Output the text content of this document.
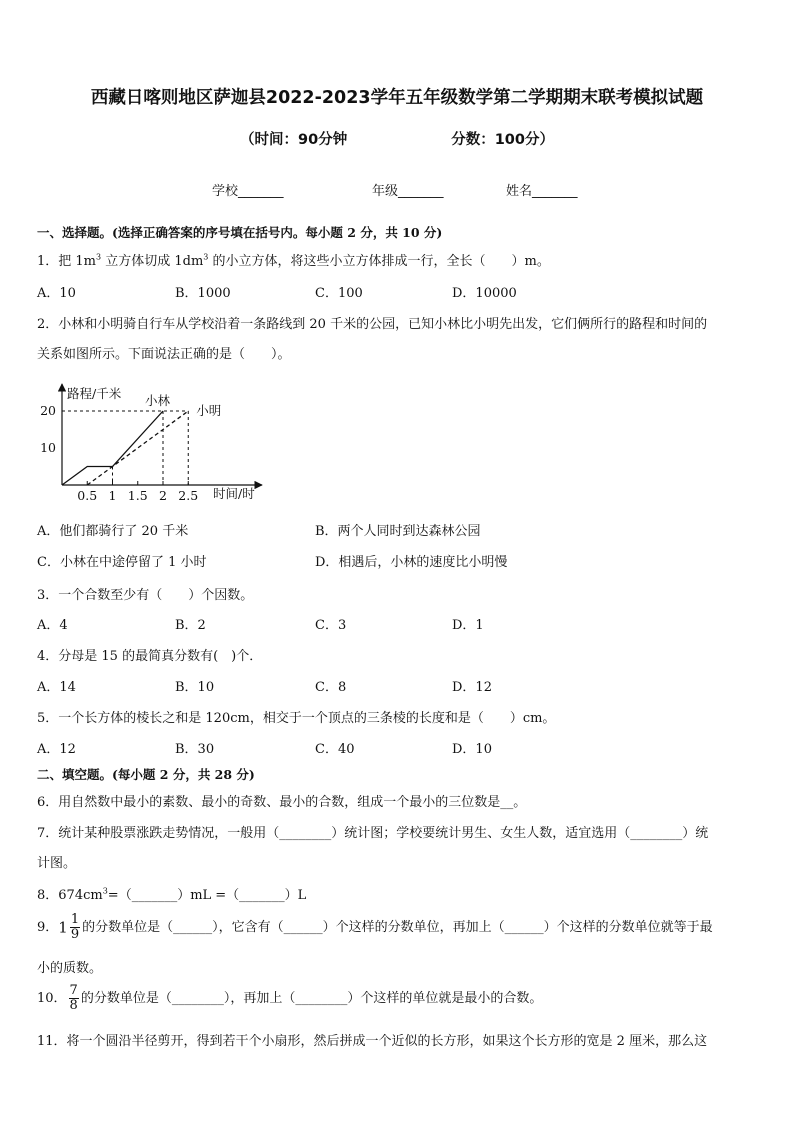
西藏日喀则地区萨迦县2022-2023学年五年级数学第二学期期末联考模拟试题
（时间：90分钟	分数：100分）
学校_______	年级_______	姓名_______
一、选择题。(选择正确答案的序号填在括号内。每小题 2 分，共 10 分)
1．把 $1m^3$ 立方体切成 $1dm^3$ 的小立方体，将这些小立方体排成一行，全长（　　）m。
A．10	B．1000	C．100	D．10000
2．小林和小明骑自行车从学校沿着一条路线到 20 千米的公园，已知小林比小明先出发，它们俩所行的路程和时间的
关系如图所示。下面说法正确的是（　　）。
路程/千米
时间/时
0.5 1 1.5 2 2.5
10
20
小林
小明
A．他们都骑行了 20 千米	B．两个人同时到达森林公园
C．小林在中途停留了 1 小时	D．相遇后，小林的速度比小明慢
3．一个合数至少有（　　）个因数。
A．4	B．2	C．3	D．1
4．分母是 15 的最简真分数有(　)个．
A．14	B．10	C．8	D．12
5．一个长方体的棱长之和是 120cm，相交于一个顶点的三条棱的长度和是（　　）cm。
A．12	B．30	C．40	D．10
二、填空题。(每小题 2 分，共 28 分)
6．用自然数中最小的素数、最小的奇数、最小的合数，组成一个最小的三位数是__。
7．统计某种股票涨跌走势情况，一般用（________）统计图；学校要统计男生、女生人数，适宜选用（________）统
计图。
8．$674cm^3=(\_\_\_\_\_\_\_)mL$ =（_______）L
9．$1 \frac{1}{9}$ 的分数单位是（______），它含有（______）个这样的分数单位，再加上（______）个这样的分数单位就等于最
小的质数。
10． $\frac{7}{8}$ 的分数单位是（________），再加上（________）个这样的单位就是最小的合数。
11．将一个圆沿半径剪开，得到若干个小扇形，然后拼成一个近似的长方形，如果这个长方形的宽是 2 厘米，那么这
